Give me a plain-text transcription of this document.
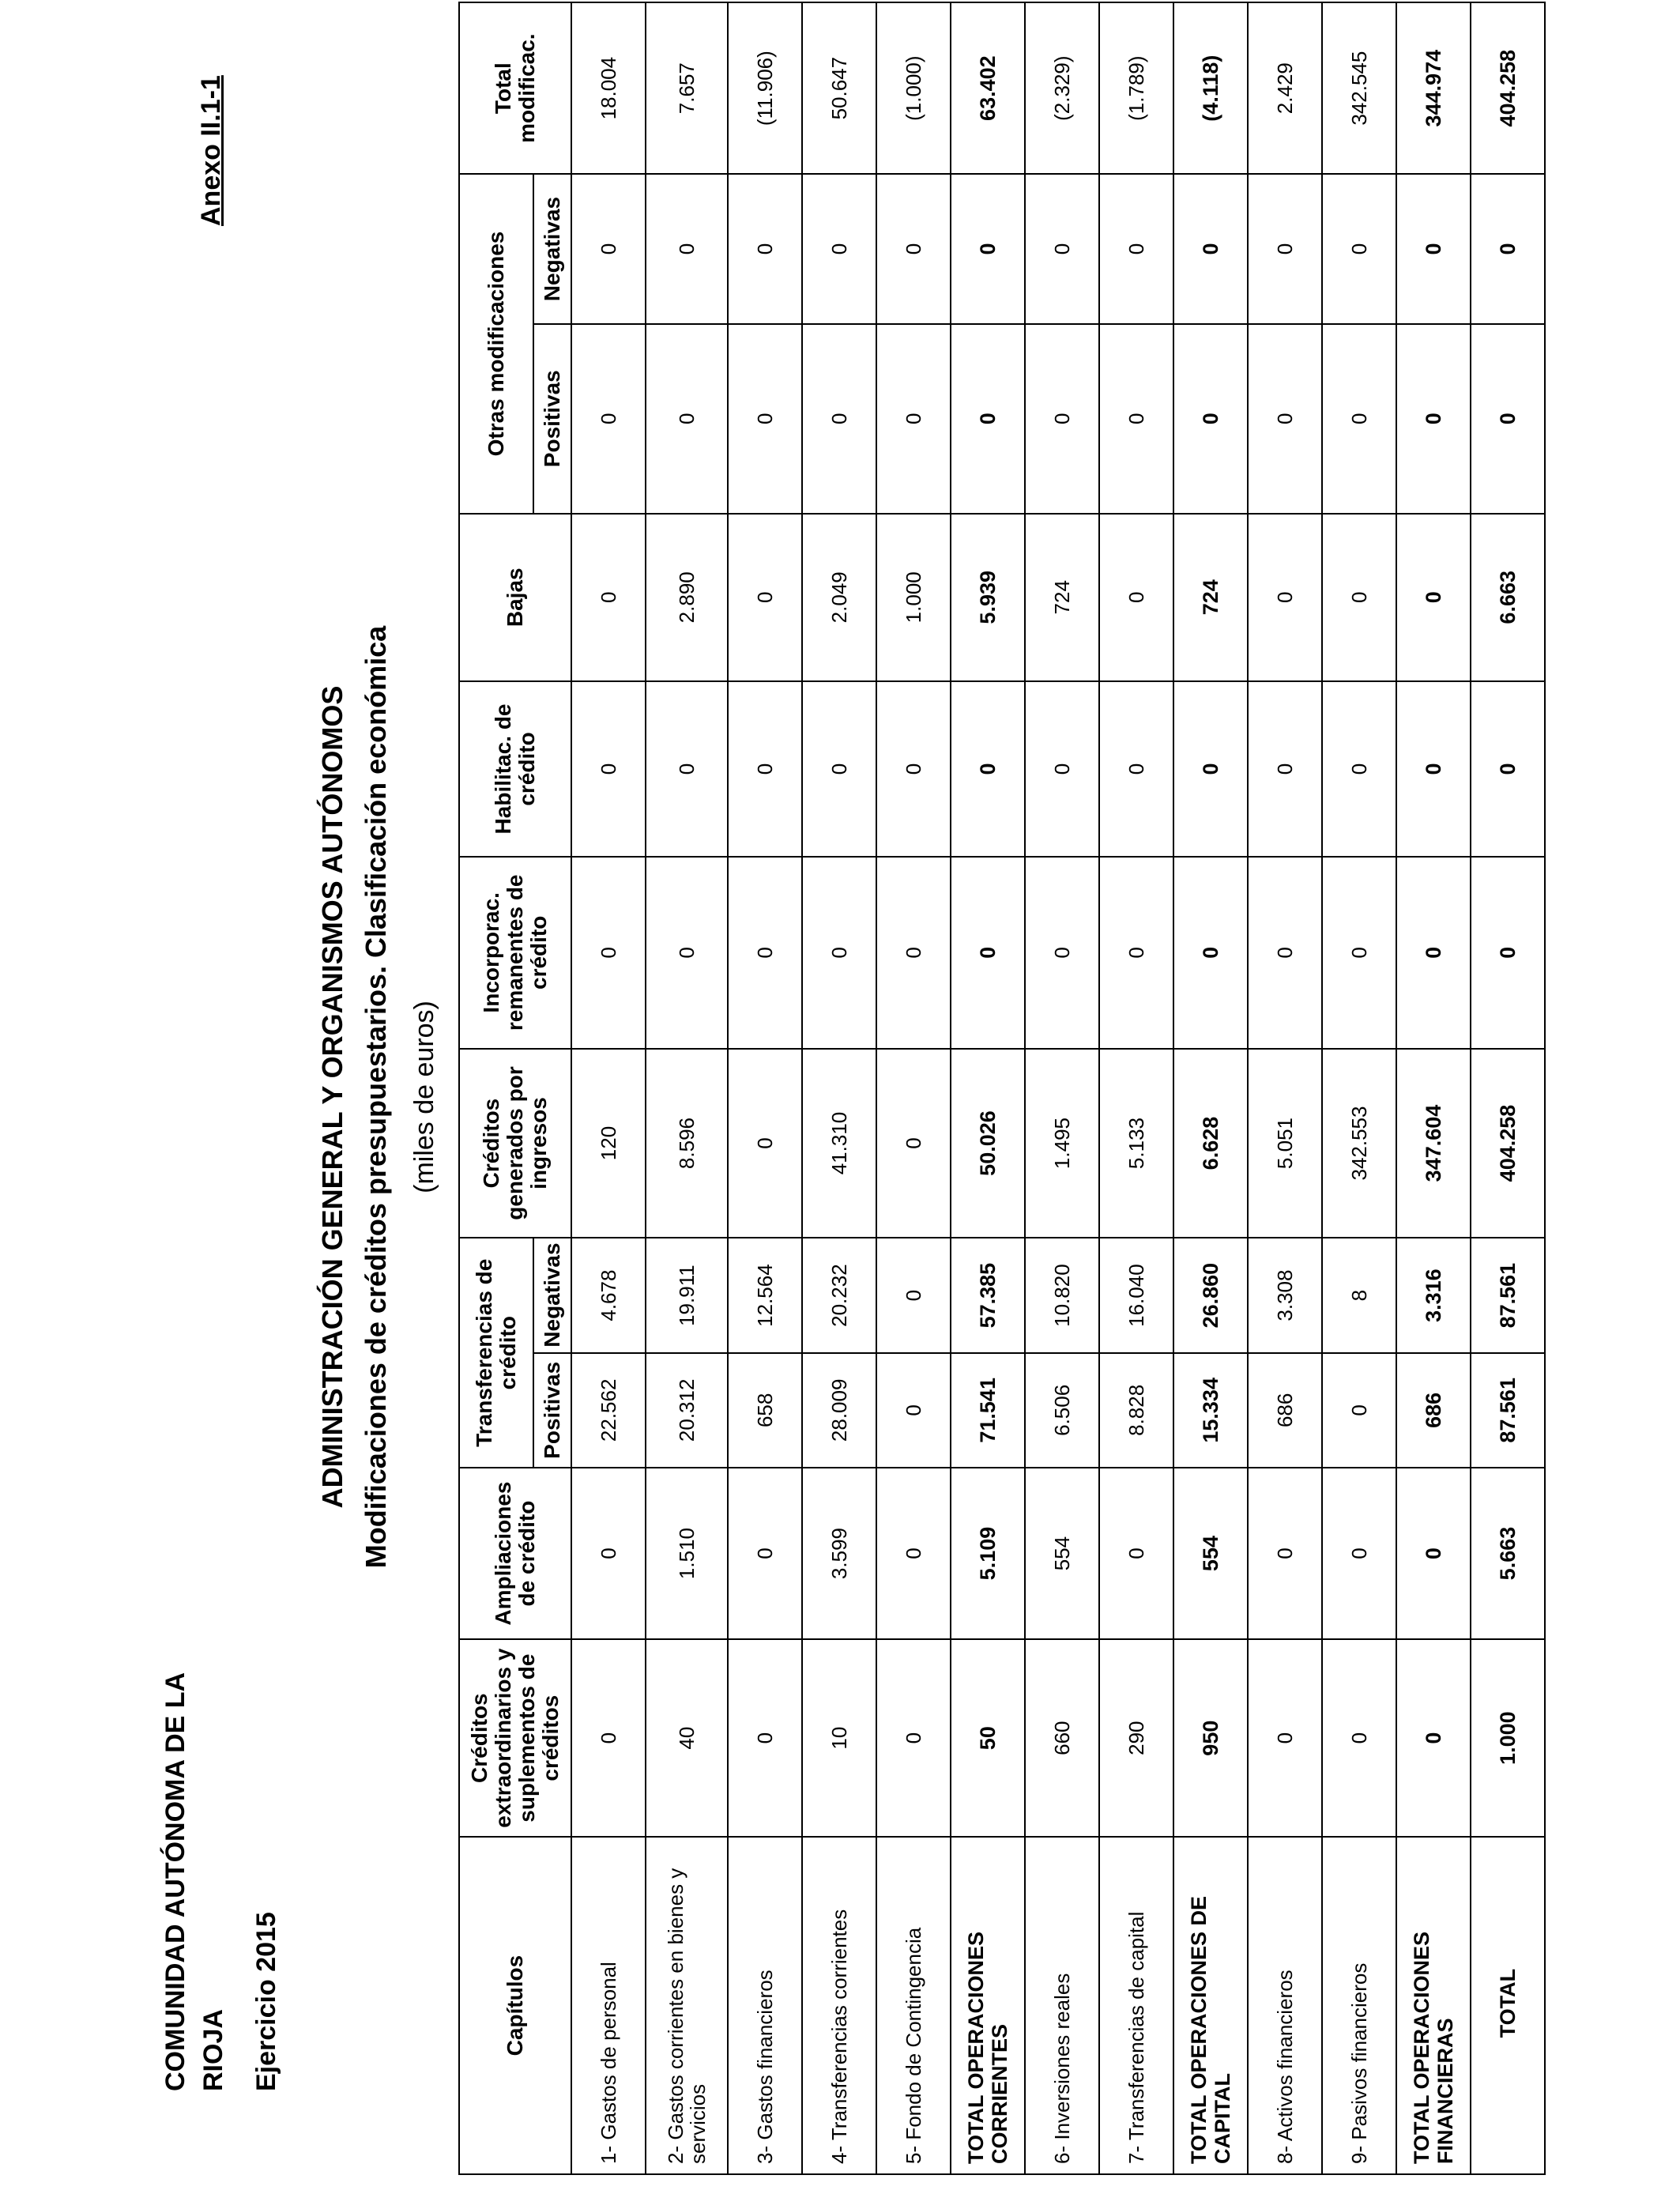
COMUNIDAD AUTÓNOMA DE LA RIOJA Ejercicio 2015
Anexo II.1-1
ADMINISTRACIÓN GENERAL Y ORGANISMOS AUTÓNOMOS Modificaciones de créditos presupuestarios. Clasificación económica (miles de euros)
Capítulos	Créditos extraordinarios y suplementos de créditos	Ampliaciones de crédito	Transferencias de crédito		Créditos generados por ingresos	Incorporac. remanentes de crédito	Habilitac. de crédito	Bajas	Otras modificaciones		Total modificac.
			Positivas	Negativas					Positivas	Negativas	
1- Gastos de personal	0	0	22.562	4.678	120	0	0	0	0	0	18.004
2- Gastos corrientes en bienes y servicios	40	1.510	20.312	19.911	8.596	0	0	2.890	0	0	7.657
3- Gastos financieros	0	0	658	12.564	0	0	0	0	0	0	(11.906)
4- Transferencias corrientes	10	3.599	28.009	20.232	41.310	0	0	2.049	0	0	50.647
5- Fondo de Contingencia	0	0	0	0	0	0	0	1.000	0	0	(1.000)
TOTAL OPERACIONES CORRIENTES	50	5.109	71.541	57.385	50.026	0	0	5.939	0	0	63.402
6- Inversiones reales	660	554	6.506	10.820	1.495	0	0	724	0	0	(2.329)
7- Transferencias de capital	290	0	8.828	16.040	5.133	0	0	0	0	0	(1.789)
TOTAL OPERACIONES DE CAPITAL	950	554	15.334	26.860	6.628	0	0	724	0	0	(4.118)
8- Activos financieros	0	0	686	3.308	5.051	0	0	0	0	0	2.429
9- Pasivos financieros	0	0	0	8	342.553	0	0	0	0	0	342.545
TOTAL OPERACIONES FINANCIERAS	0	0	686	3.316	347.604	0	0	0	0	0	344.974
TOTAL	1.000	5.663	87.561	87.561	404.258	0	0	6.663	0	0	404.258
